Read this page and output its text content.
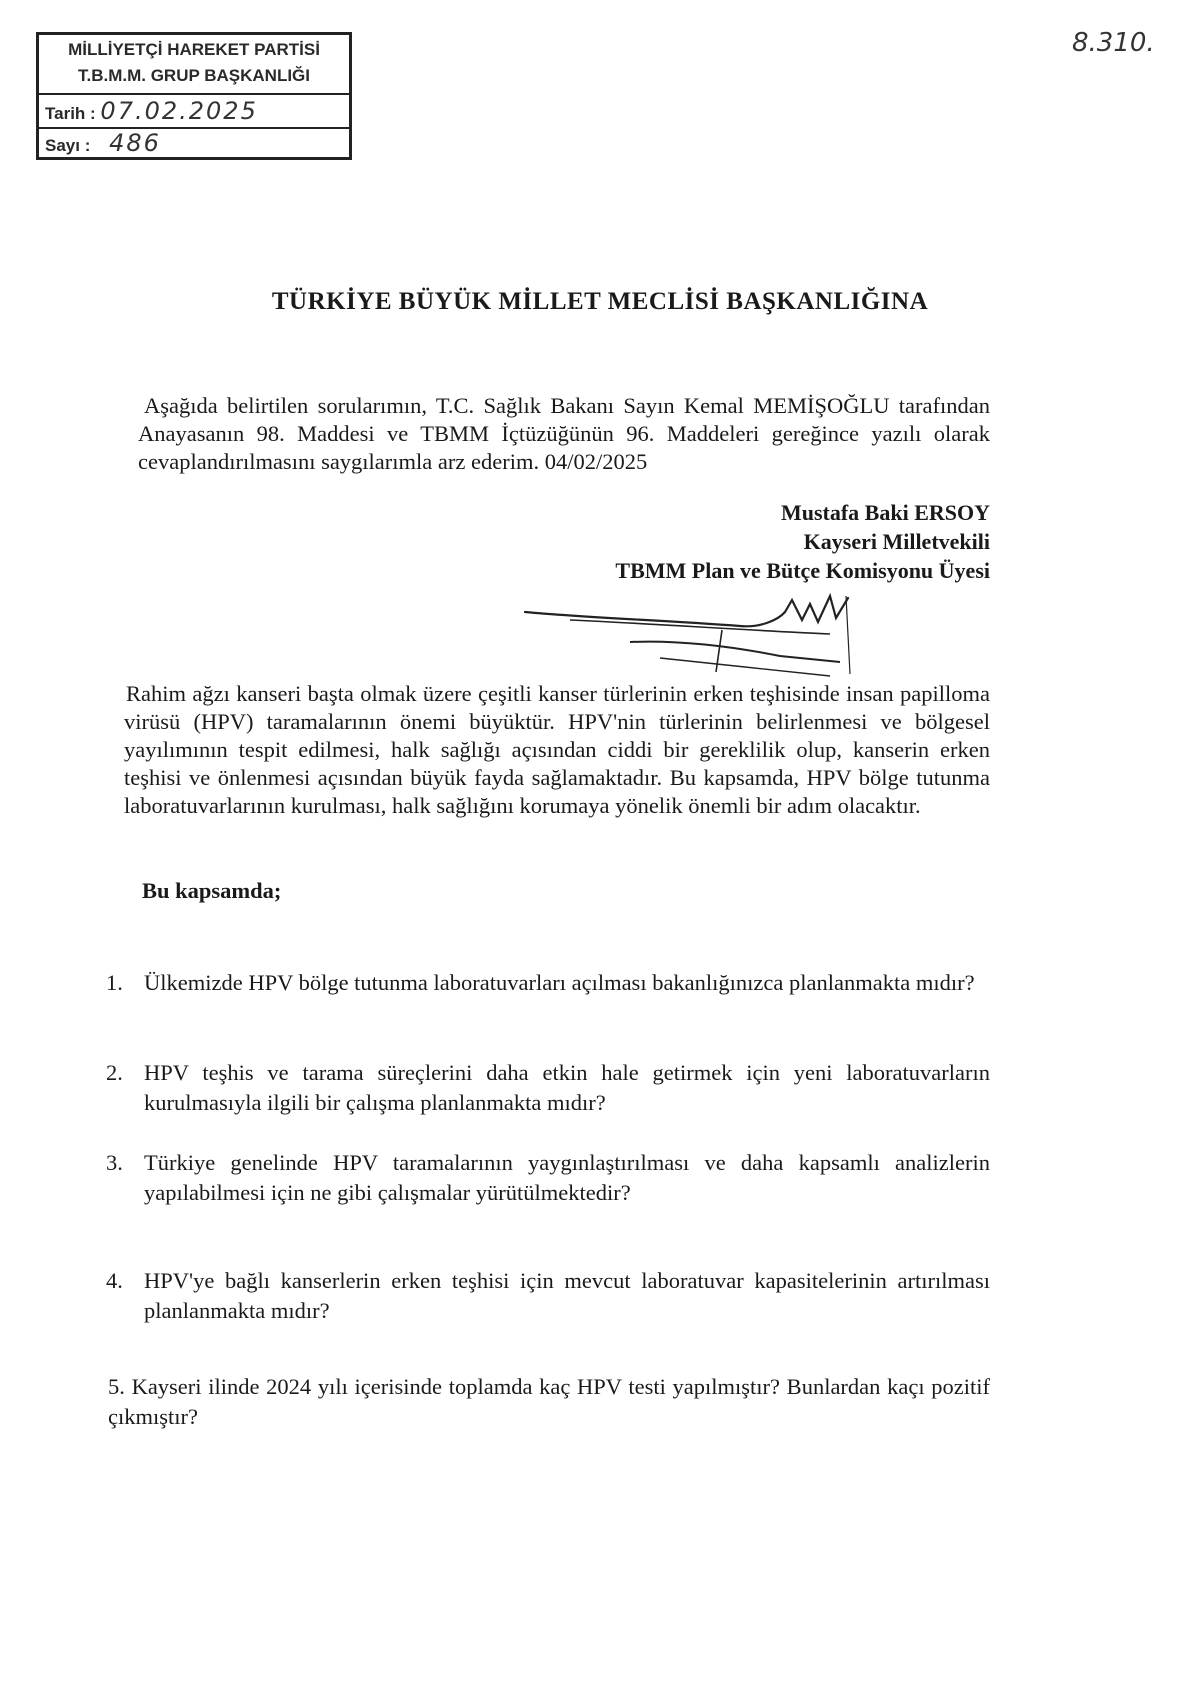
MİLLİYETÇİ HAREKET PARTİSİ
T.B.M.M. GRUP BAŞKANLIĞI
Tarih : 07.02.2025
Sayı : 486
8.310.
TÜRKİYE BÜYÜK MİLLET MECLİSİ BAŞKANLIĞINA
Aşağıda belirtilen sorularımın, T.C. Sağlık Bakanı Sayın Kemal MEMİŞOĞLU tarafından Anayasanın 98. Maddesi ve TBMM İçtüzüğünün 96. Maddeleri gereğince yazılı olarak cevaplandırılmasını saygılarımla arz ederim. 04/02/2025
Mustafa Baki ERSOY
Kayseri Milletvekili
TBMM Plan ve Bütçe Komisyonu Üyesi
Rahim ağzı kanseri başta olmak üzere çeşitli kanser türlerinin erken teşhisinde insan papilloma virüsü (HPV) taramalarının önemi büyüktür. HPV'nin türlerinin belirlenmesi ve bölgesel yayılımının tespit edilmesi, halk sağlığı açısından ciddi bir gereklilik olup, kanserin erken teşhisi ve önlenmesi açısından büyük fayda sağlamaktadır. Bu kapsamda, HPV bölge tutunma laboratuvarlarının kurulması, halk sağlığını korumaya yönelik önemli bir adım olacaktır.
Bu kapsamda;
1. Ülkemizde HPV bölge tutunma laboratuvarları açılması bakanlığınızca planlanmakta mıdır?
2. HPV teşhis ve tarama süreçlerini daha etkin hale getirmek için yeni laboratuvarların kurulmasıyla ilgili bir çalışma planlanmakta mıdır?
3. Türkiye genelinde HPV taramalarının yaygınlaştırılması ve daha kapsamlı analizlerin yapılabilmesi için ne gibi çalışmalar yürütülmektedir?
4. HPV'ye bağlı kanserlerin erken teşhisi için mevcut laboratuvar kapasitelerinin artırılması planlanmakta mıdır?
5. Kayseri ilinde 2024 yılı içerisinde toplamda kaç HPV testi yapılmıştır? Bunlardan kaçı pozitif çıkmıştır?
